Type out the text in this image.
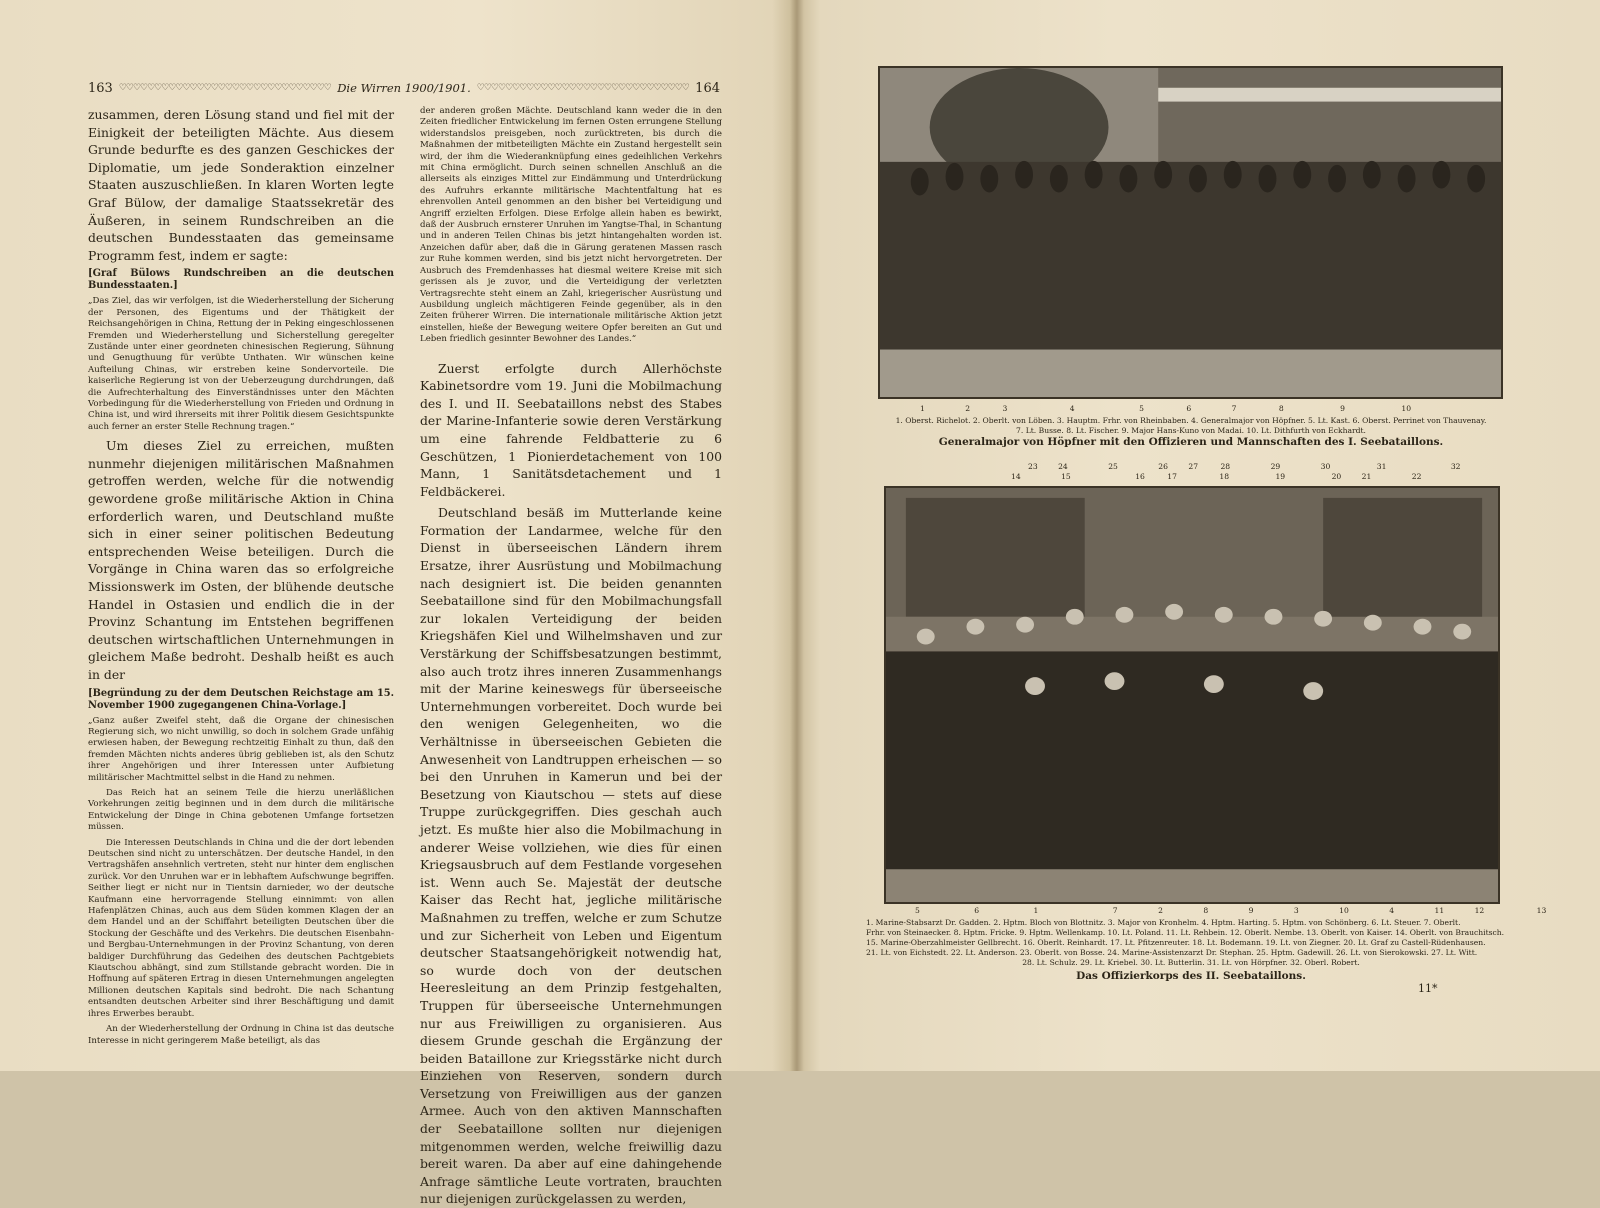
163 ♡♡♡♡♡♡♡♡♡♡♡♡♡♡♡♡♡♡♡♡♡♡♡♡♡♡♡♡♡♡ Die Wirren 1900/1901. ♡♡♡♡♡♡♡♡♡♡♡♡♡♡♡♡♡♡♡♡♡♡♡♡♡♡♡♡♡♡ 164

zusammen, deren Lösung stand und fiel mit der Einigkeit der beteiligten Mächte. Aus diesem Grunde bedurfte es des ganzen Geschickes der Diplomatie, um jede Sonderaktion einzelner Staaten auszuschließen. In klaren Worten legte Graf Bülow, der damalige Staatssekretär des Äußeren, in seinem Rundschreiben an die deutschen Bundesstaaten das gemeinsame Programm fest, indem er sagte:

[Graf Bülows Rundschreiben an die deutschen Bundesstaaten.]

„Das Ziel, das wir verfolgen, ist die Wiederherstellung der Sicherung der Personen, des Eigentums und der Thätigkeit der Reichsangehörigen in China, Rettung der in Peking eingeschlossenen Fremden und Wiederherstellung und Sicherstellung geregelter Zustände unter einer geordneten chinesischen Regierung, Sühnung und Genugthuung für verübte Unthaten. Wir wünschen keine Aufteilung Chinas, wir erstreben keine Sondervorteile. Die kaiserliche Regierung ist von der Ueberzeugung durchdrungen, daß die Aufrechterhaltung des Einverständnisses unter den Mächten Vorbedingung für die Wiederherstellung von Frieden und Ordnung in China ist, und wird ihrerseits mit ihrer Politik diesem Gesichtspunkte auch ferner an erster Stelle Rechnung tragen.“

Um dieses Ziel zu erreichen, mußten nunmehr diejenigen militärischen Maßnahmen getroffen werden, welche für die notwendig gewordene große militärische Aktion in China erforderlich waren, und Deutschland mußte sich in einer seiner politischen Bedeutung entsprechenden Weise beteiligen. Durch die Vorgänge in China waren das so erfolgreiche Missionswerk im Osten, der blühende deutsche Handel in Ostasien und endlich die in der Provinz Schantung im Entstehen begriffenen deutschen wirtschaftlichen Unternehmungen in gleichem Maße bedroht. Deshalb heißt es auch in der

[Begründung zu der dem Deutschen Reichstage am 15. November 1900 zugegangenen China-Vorlage.]

„Ganz außer Zweifel steht, daß die Organe der chinesischen Regierung sich, wo nicht unwillig, so doch in solchem Grade unfähig erwiesen haben, der Bewegung rechtzeitig Einhalt zu thun, daß den fremden Mächten nichts anderes übrig geblieben ist, als den Schutz ihrer Angehörigen und ihrer Interessen unter Aufbietung militärischer Machtmittel selbst in die Hand zu nehmen.

Das Reich hat an seinem Teile die hierzu unerläßlichen Vorkehrungen zeitig beginnen und in dem durch die militärische Entwickelung der Dinge in China gebotenen Umfange fortsetzen müssen.

Die Interessen Deutschlands in China und die der dort lebenden Deutschen sind nicht zu unterschätzen. Der deutsche Handel, in den Vertragshäfen ansehnlich vertreten, steht nur hinter dem englischen zurück. Vor den Unruhen war er in lebhaftem Aufschwunge begriffen. Seither liegt er nicht nur in Tientsin darnieder, wo der deutsche Kaufmann eine hervorragende Stellung einnimmt: von allen Hafenplätzen Chinas, auch aus dem Süden kommen Klagen der an dem Handel und an der Schiffahrt beteiligten Deutschen über die Stockung der Geschäfte und des Verkehrs. Die deutschen Eisenbahn- und Bergbau-Unternehmungen in der Provinz Schantung, von deren baldiger Durchführung das Gedeihen des deutschen Pachtgebiets Kiautschou abhängt, sind zum Stillstande gebracht worden. Die in Hoffnung auf späteren Ertrag in diesen Unternehmungen angelegten Millionen deutschen Kapitals sind bedroht. Die nach Schantung entsandten deutschen Arbeiter sind ihrer Beschäftigung und damit ihres Erwerbes beraubt.

An der Wiederherstellung der Ordnung in China ist das deutsche Interesse in nicht geringerem Maße beteiligt, als das

der anderen großen Mächte. Deutschland kann weder die in den Zeiten friedlicher Entwickelung im fernen Osten errungene Stellung widerstandslos preisgeben, noch zurücktreten, bis durch die Maßnahmen der mitbeteiligten Mächte ein Zustand hergestellt sein wird, der ihm die Wiederanknüpfung eines gedeihlichen Verkehrs mit China ermöglicht. Durch seinen schnellen Anschluß an die allerseits als einziges Mittel zur Eindämmung und Unterdrückung des Aufruhrs erkannte militärische Machtentfaltung hat es ehrenvollen Anteil genommen an den bisher bei Verteidigung und Angriff erzielten Erfolgen. Diese Erfolge allein haben es bewirkt, daß der Ausbruch ernsterer Unruhen im Yangtse-Thal, in Schantung und in anderen Teilen Chinas bis jetzt hintangehalten worden ist. Anzeichen dafür aber, daß die in Gärung geratenen Massen rasch zur Ruhe kommen werden, sind bis jetzt nicht hervorgetreten. Der Ausbruch des Fremdenhasses hat diesmal weitere Kreise mit sich gerissen als je zuvor, und die Verteidigung der verletzten Vertragsrechte steht einem an Zahl, kriegerischer Ausrüstung und Ausbildung ungleich mächtigeren Feinde gegenüber, als in den Zeiten früherer Wirren. Die internationale militärische Aktion jetzt einstellen, hieße der Bewegung weitere Opfer bereiten an Gut und Leben friedlich gesinnter Bewohner des Landes.“

Zuerst erfolgte durch Allerhöchste Kabinetsordre vom 19. Juni die Mobilmachung des I. und II. Seebataillons nebst des Stabes der Marine-Infanterie sowie deren Verstärkung um eine fahrende Feldbatterie zu 6 Geschützen, 1 Pionierdetachement von 100 Mann, 1 Sanitätsdetachement und 1 Feldbäckerei.

Deutschland besäß im Mutterlande keine Formation der Landarmee, welche für den Dienst in überseeischen Ländern ihrem Ersatze, ihrer Ausrüstung und Mobilmachung nach designiert ist. Die beiden genannten Seebataillone sind für den Mobilmachungsfall zur lokalen Verteidigung der beiden Kriegshäfen Kiel und Wilhelmshaven und zur Verstärkung der Schiffsbesatzungen bestimmt, also auch trotz ihres inneren Zusammenhangs mit der Marine keineswegs für überseeische Unternehmungen vorbereitet. Doch wurde bei den wenigen Gelegenheiten, wo die Verhältnisse in überseeischen Gebieten die Anwesenheit von Landtruppen erheischen — so bei den Unruhen in Kamerun und bei der Besetzung von Kiautschou — stets auf diese Truppe zurückgegriffen. Dies geschah auch jetzt. Es mußte hier also die Mobilmachung in anderer Weise vollziehen, wie dies für einen Kriegsausbruch auf dem Festlande vorgesehen ist. Wenn auch Se. Majestät der deutsche Kaiser das Recht hat, jegliche militärische Maßnahmen zu treffen, welche er zum Schutze und zur Sicherheit von Leben und Eigentum deutscher Staatsangehörigkeit notwendig hat, so wurde doch von der deutschen Heeresleitung an dem Prinzip festgehalten, Truppen für überseeische Unternehmungen nur aus Freiwilligen zu organisieren. Aus diesem Grunde geschah die Ergänzung der beiden Bataillone zur Kriegsstärke nicht durch Einziehen von Reserven, sondern durch Versetzung von Freiwilligen aus der ganzen Armee. Auch von den aktiven Mannschaften der Seebataillone sollten nur diejenigen mitgenommen werden, welche freiwillig dazu bereit waren. Da aber auf eine dahingehende Anfrage sämtliche Leute vortraten, brauchten nur diejenigen zurückgelassen zu werden,

1	2	3	4	5	6	7	8	9	10
1. Oberst. Richelot. 2. Oberlt. von Löben. 3. Hauptm. Frhr. von Rheinbaben. 4. Generalmajor von Höpfner. 5. Lt. Kast. 6. Oberst. Perrinet von Thauvenay.
7. Lt. Busse. 8. Lt. Fischer. 9. Major Hans-Kuno von Madai. 10. Lt. Dithfurth von Eckhardt.
Generalmajor von Höpfner mit den Offizieren und Mannschaften des I. Seebataillons.
23	24	25	26	27	28	29	30	31	32
14	15	16	17	18	19	20	21	22
5	6	1	7	2	8	9	3	10	4	11	12	13
1. Marine-Stabsarzt Dr. Gadden. 2. Hptm. Bloch von Blottnitz. 3. Major von Kronhelm. 4. Hptm. Harting. 5. Hptm. von Schönberg. 6. Lt. Steuer. 7. Oberlt.
Frhr. von Steinaecker. 8. Hptm. Fricke. 9. Hptm. Wellenkamp. 10. Lt. Poland. 11. Lt. Rehbein. 12. Oberlt. Nembe. 13. Oberlt. von Kaiser. 14. Oberlt. von Brauchitsch.
15. Marine-Oberzahlmeister Gellbrecht. 16. Oberlt. Reinhardt. 17. Lt. Pfitzenreuter. 18. Lt. Bodemann. 19. Lt. von Ziegner. 20. Lt. Graf zu Castell-Rüdenhausen.
21. Lt. von Eichstedt. 22. Lt. Anderson. 23. Oberlt. von Bosse. 24. Marine-Assistenzarzt Dr. Stephan. 25. Hptm. Gadewill. 26. Lt. von Sierokowski. 27. Lt. Witt.
28. Lt. Schulz. 29. Lt. Kriebel. 30. Lt. Butterlin. 31. Lt. von Hörpfner. 32. Oberl. Robert.
Das Offizierkorps des II. Seebataillons.
11*
